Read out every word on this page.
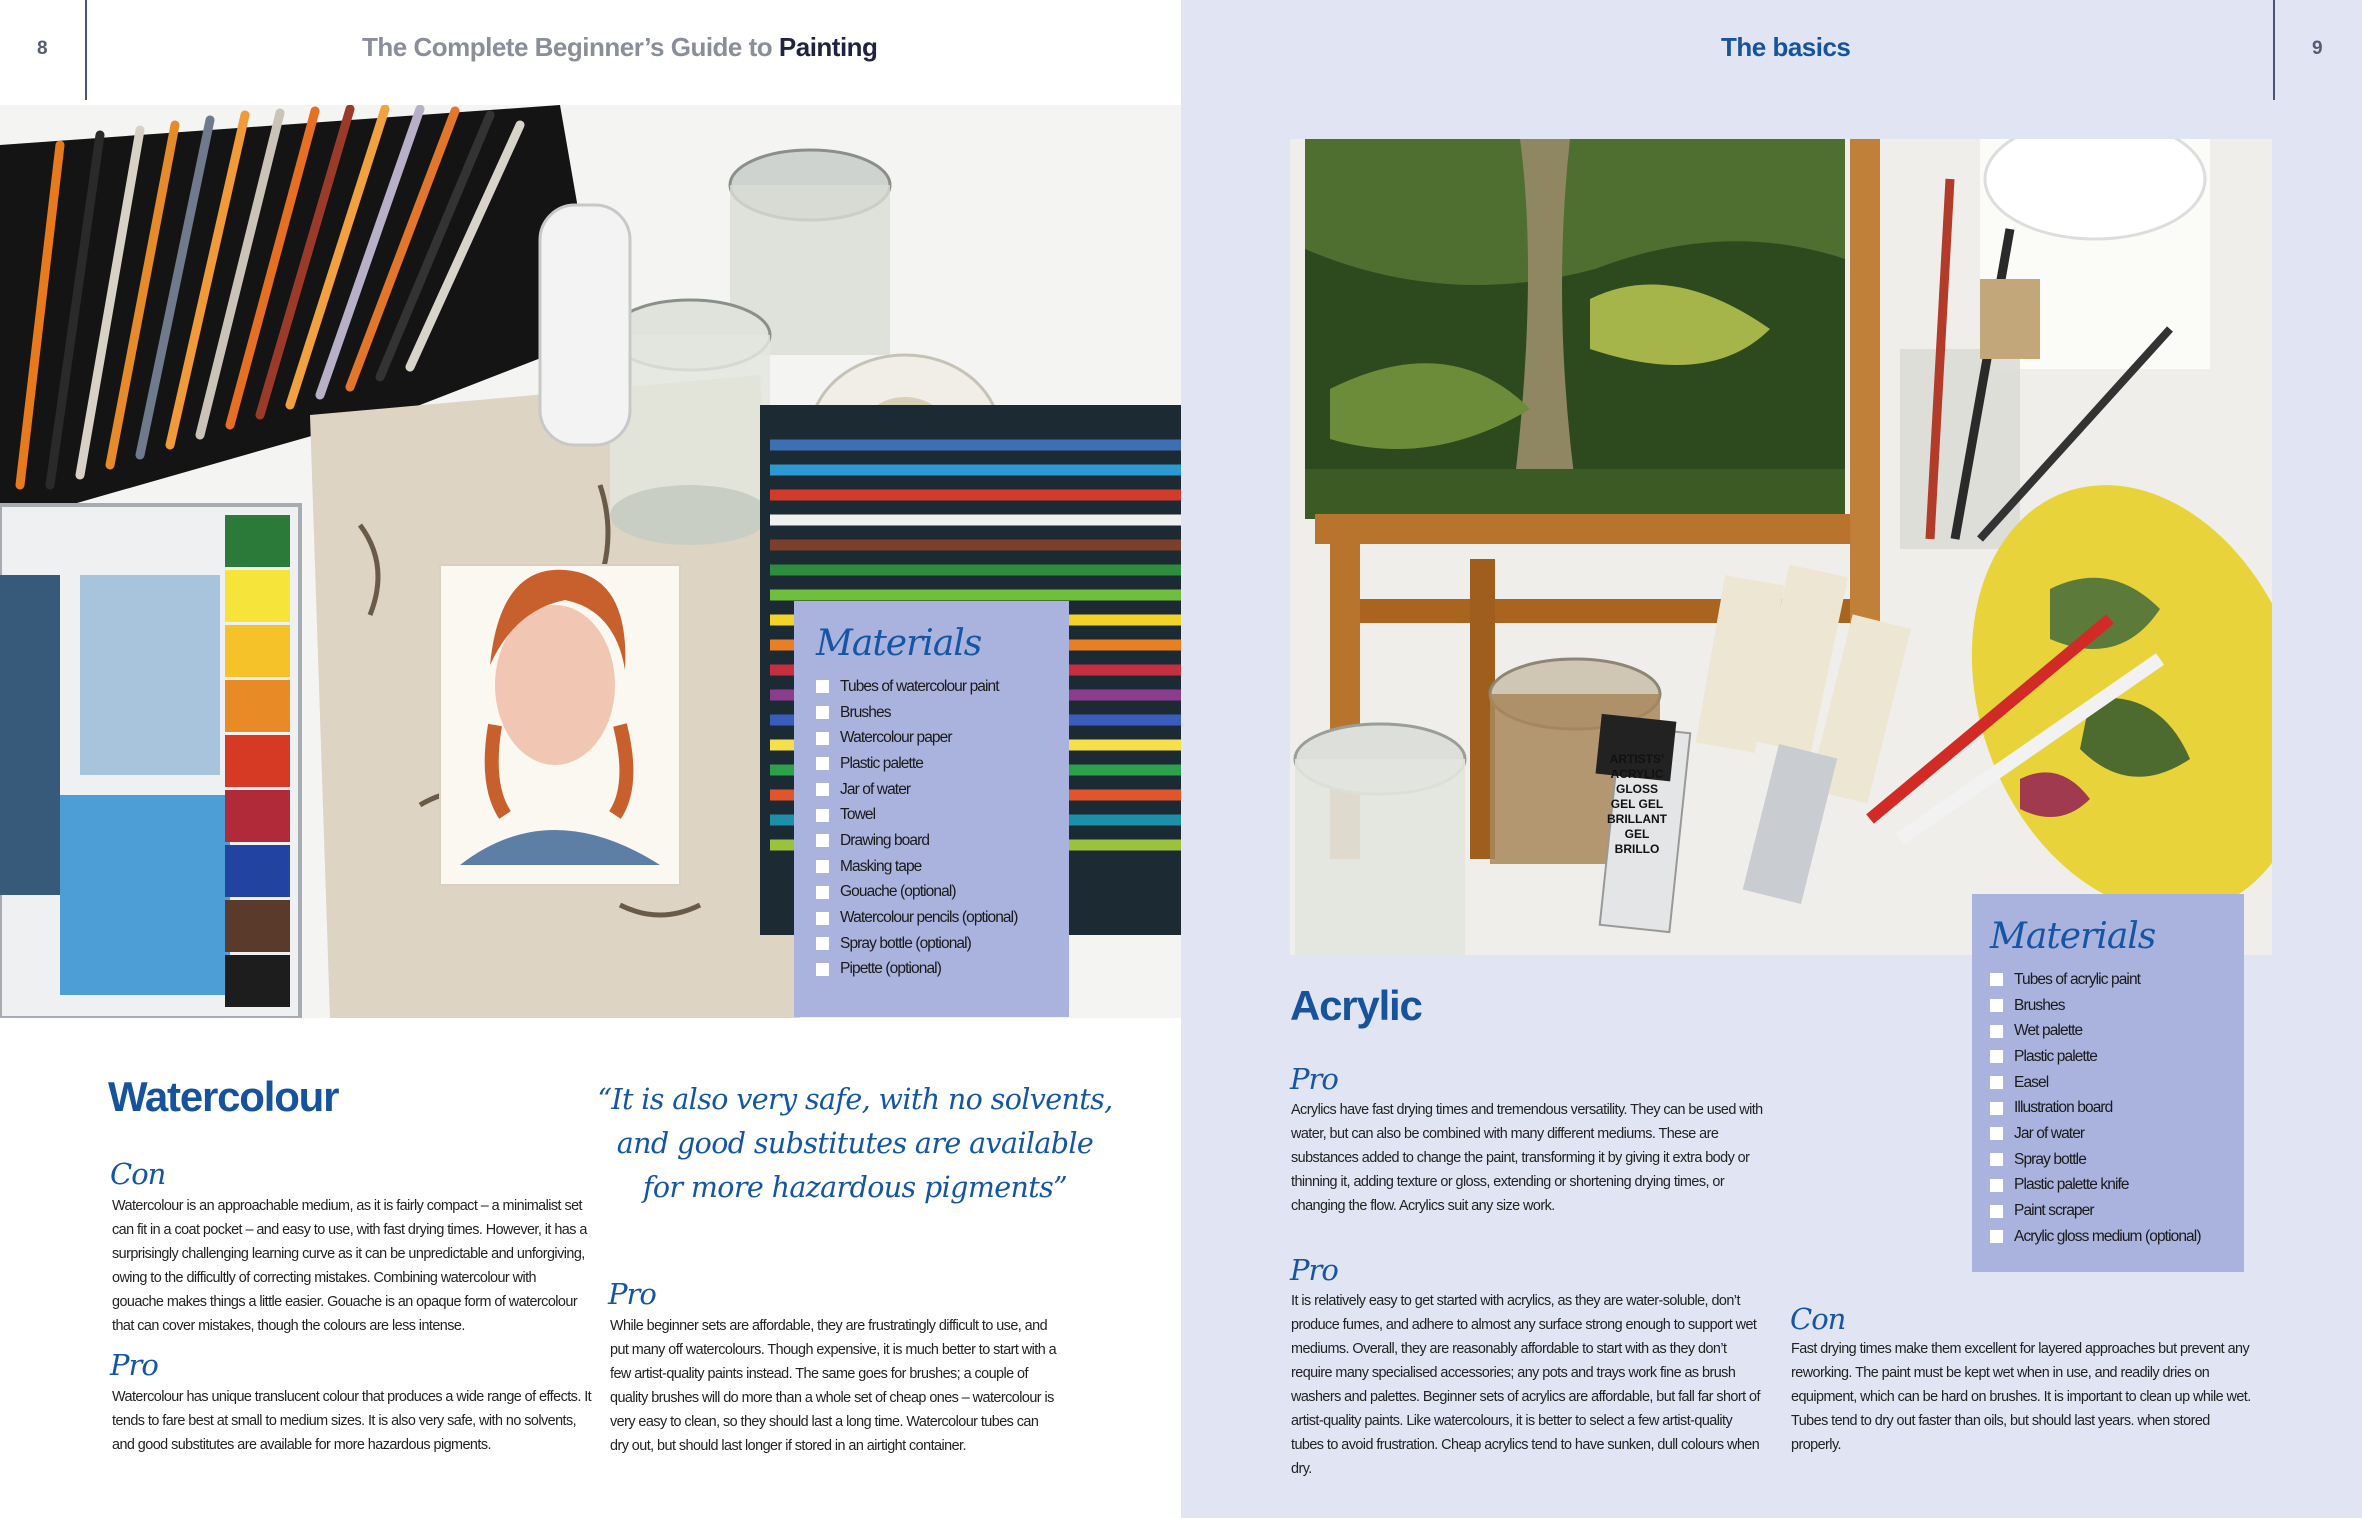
8	The Complete Beginner’s Guide to Painting
Materials
Tubes of watercolour paint
Brushes
Watercolour paper
Plastic palette
Jar of water
Towel
Drawing board
Masking tape
Gouache (optional)
Watercolour pencils (optional)
Spray bottle (optional)
Pipette (optional)
Watercolour
Con

Watercolour is an approachable medium, as it is fairly compact – a minimalist set can fit in a coat pocket – and easy to use, with fast drying times. However, it has a surprisingly challenging learning curve as it can be unpredictable and unforgiving, owing to the difficultly of correcting mistakes. Combining watercolour with gouache makes things a little easier. Gouache is an opaque form of watercolour that can cover mistakes, though the colours are less intense.

Pro

Watercolour has unique translucent colour that produces a wide range of effects. It tends to fare best at small to medium sizes. It is also very safe, with no solvents, and good substitutes are available for more hazardous pigments.

“It is also very safe, with no solvents, and good substitutes are available for more hazardous pigments”

Pro

While beginner sets are affordable, they are frustratingly difficult to use, and put many off watercolours. Though expensive, it is much better to start with a few artist-quality paints instead. The same goes for brushes; a couple of quality brushes will do more than a whole set of cheap ones – watercolour is very easy to clean, so they should last a long time. Watercolour tubes can dry out, but should last longer if stored in an airtight container.

The basics	9
ARTISTS’ ACRYLIC GLOSS GEL GEL BRILLANT GEL BRILLO
Materials
Tubes of acrylic paint
Brushes
Wet palette
Plastic palette
Easel
Illustration board
Jar of water
Spray bottle
Plastic palette knife
Paint scraper
Acrylic gloss medium (optional)
Acrylic
Pro

Acrylics have fast drying times and tremendous versatility. They can be used with water, but can also be combined with many different mediums. These are substances added to change the paint, transforming it by giving it extra body or thinning it, adding texture or gloss, extending or shortening drying times, or changing the flow. Acrylics suit any size work.

Pro

It is relatively easy to get started with acrylics, as they are water-soluble, don’t produce fumes, and adhere to almost any surface strong enough to support wet mediums. Overall, they are reasonably affordable to start with as they don’t require many specialised accessories; any pots and trays work fine as brush washers and palettes. Beginner sets of acrylics are affordable, but fall far short of artist-quality paints. Like watercolours, it is better to select a few artist-quality tubes to avoid frustration. Cheap acrylics tend to have sunken, dull colours when dry.

Con

Fast drying times make them excellent for layered approaches but prevent any reworking. The paint must be kept wet when in use, and readily dries on equipment, which can be hard on brushes. It is important to clean up while wet. Tubes tend to dry out faster than oils, but should last years. when stored properly.
